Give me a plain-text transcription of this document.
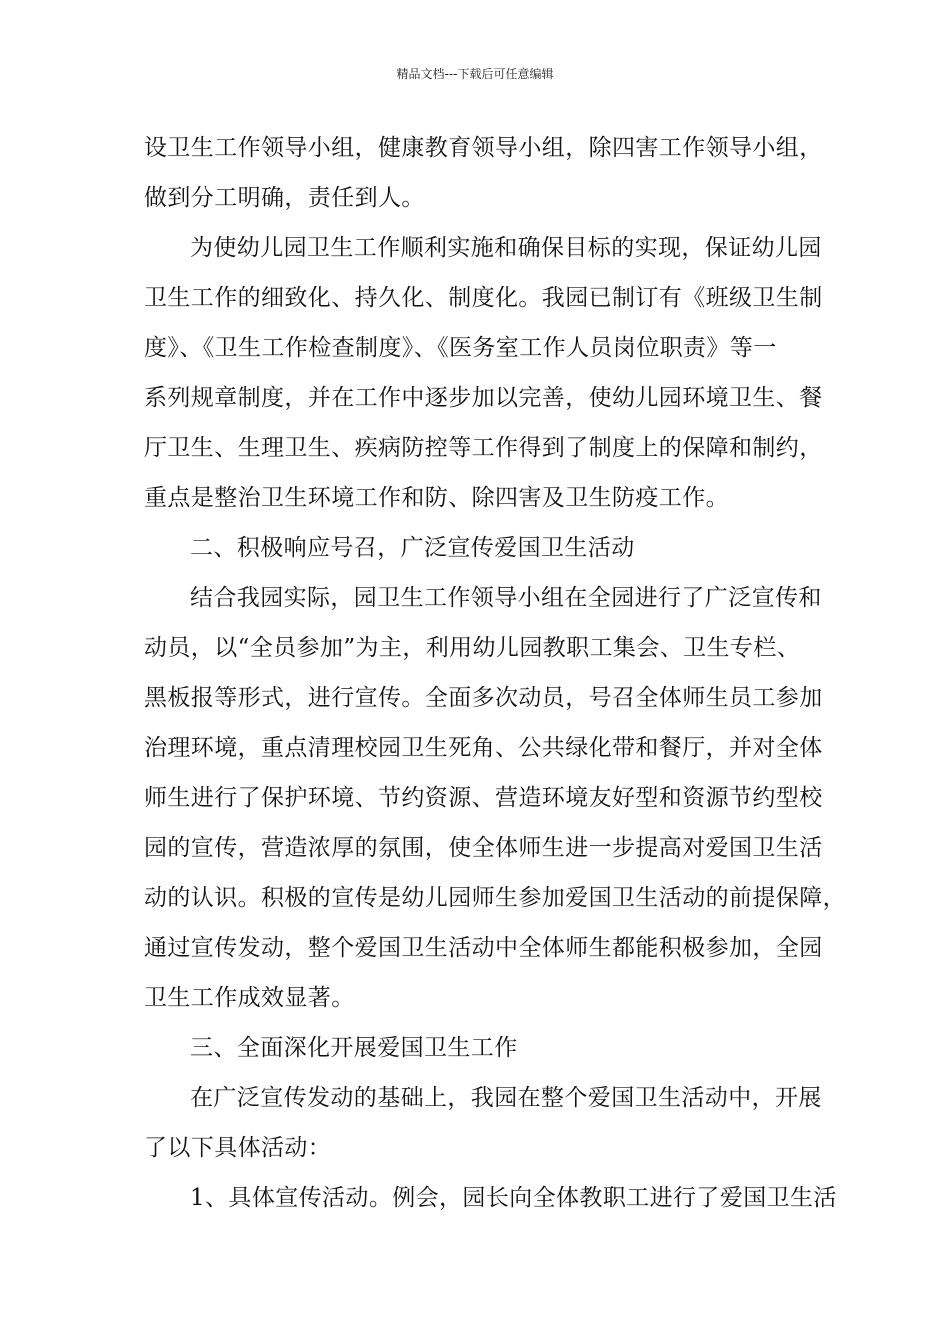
精品文档---下载后可任意编辑
设卫生工作领导小组，健康教育领导小组，除四害工作领导小组，
做到分工明确，责任到人。
为使幼儿园卫生工作顺利实施和确保目标的实现，保证幼儿园
卫生工作的细致化、持久化、制度化。我园已制订有《班级卫生制
度》、《卫生工作检查制度》、《医务室工作人员岗位职责》等一
系列规章制度，并在工作中逐步加以完善，使幼儿园环境卫生、餐
厅卫生、生理卫生、疾病防控等工作得到了制度上的保障和制约，
重点是整治卫生环境工作和防、除四害及卫生防疫工作。
二、积极响应号召，广泛宣传爱国卫生活动
结合我园实际，园卫生工作领导小组在全园进行了广泛宣传和
动员，以“全员参加”为主，利用幼儿园教职工集会、卫生专栏、
黑板报等形式，进行宣传。全面多次动员，号召全体师生员工参加
治理环境，重点清理校园卫生死角、公共绿化带和餐厅，并对全体
师生进行了保护环境、节约资源、营造环境友好型和资源节约型校
园的宣传，营造浓厚的氛围，使全体师生进一步提高对爱国卫生活
动的认识。积极的宣传是幼儿园师生参加爱国卫生活动的前提保障，
通过宣传发动，整个爱国卫生活动中全体师生都能积极参加，全园
卫生工作成效显著。
三、全面深化开展爱国卫生工作
在广泛宣传发动的基础上，我园在整个爱国卫生活动中，开展
了以下具体活动：
1、具体宣传活动。例会，园长向全体教职工进行了爱国卫生活
